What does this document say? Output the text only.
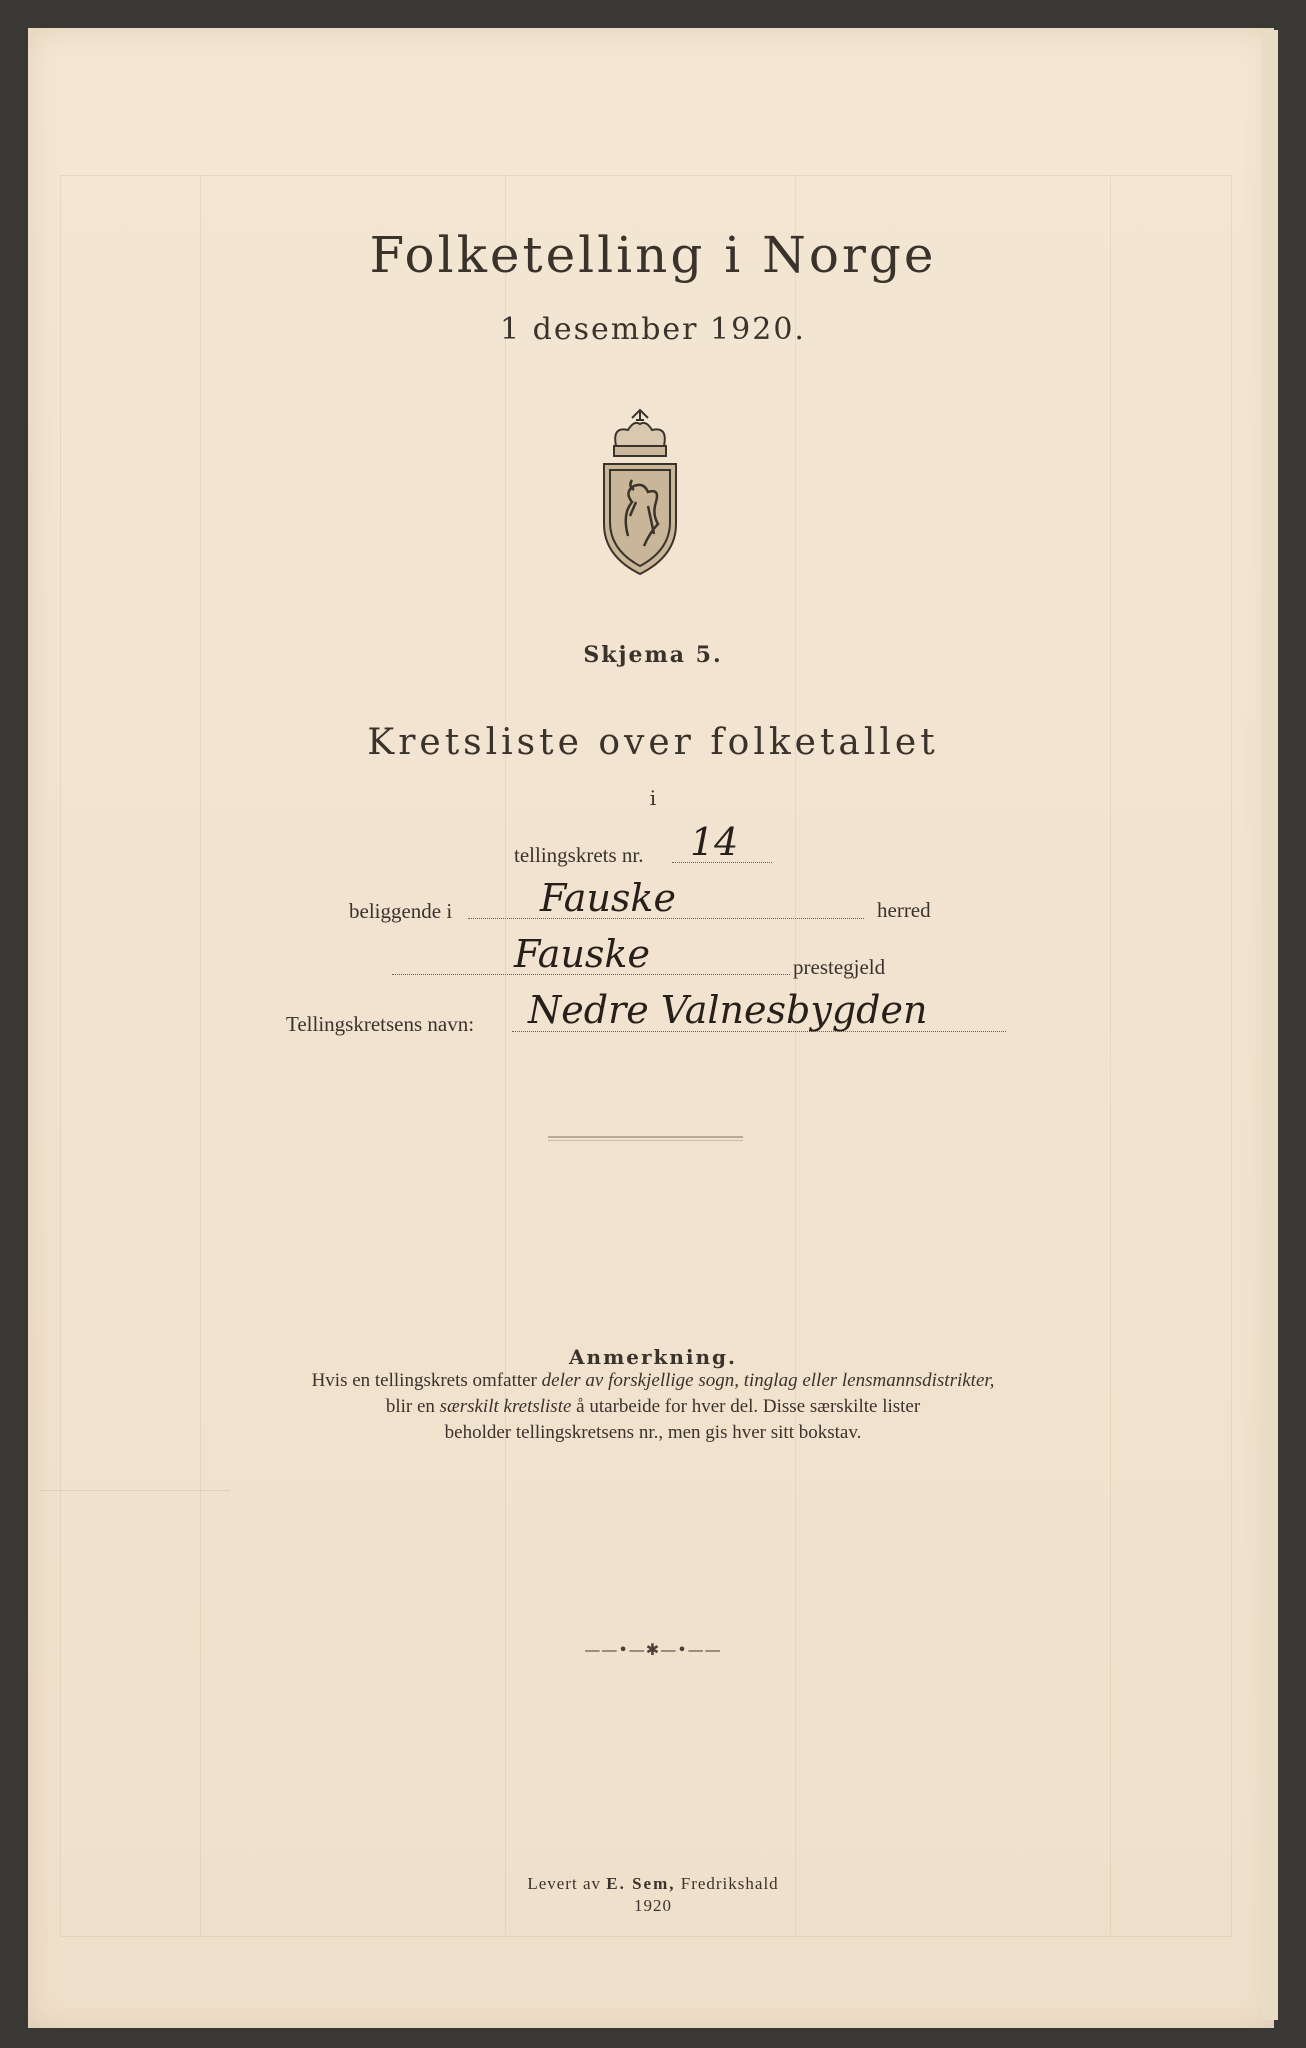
Folketelling i Norge
1 desember 1920.
Skjema 5.
Kretsliste over folketallet
i
tellingskrets nr. 14
beliggende i Fauske	herred
Fauske	prestegjeld
Tellingskretsens navn: Nedre Valnesbygden
Anmerkning.
Hvis en tellingskrets omfatter deler av forskjellige sogn, tinglag eller lensmannsdistrikter,
blir en særskilt kretsliste å utarbeide for hver del. Disse særskilte lister
beholder tellingskretsens nr., men gis hver sitt bokstav.
——•—✱—•——
Levert av E. Sem, Fredrikshald
1920
